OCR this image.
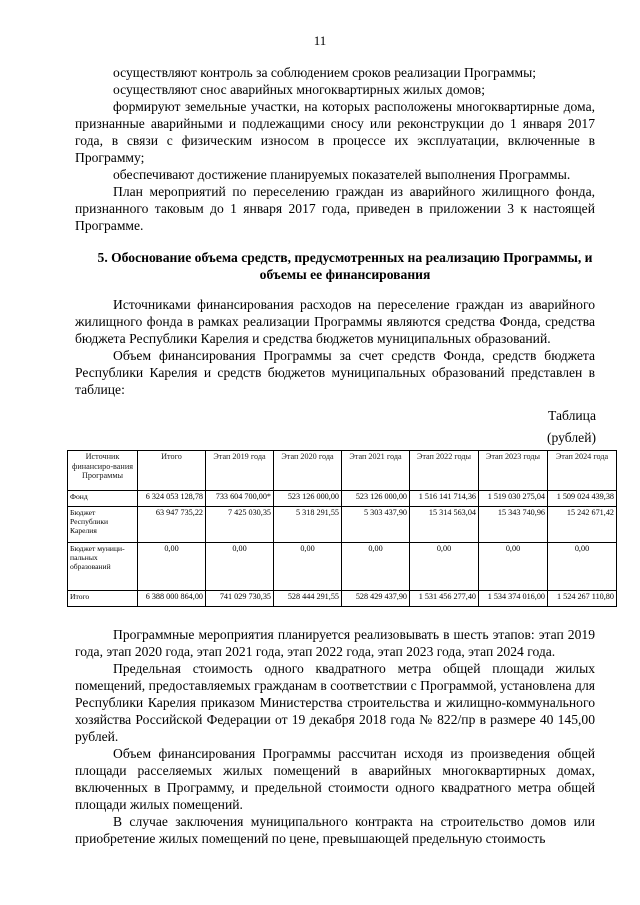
11

осуществляют контроль за соблюдением сроков реализации Программы;

осуществляют снос аварийных многоквартирных жилых домов;

формируют земельные участки, на которых расположены многоквартирные дома, признанные аварийными и подлежащими сносу или реконструкции до 1 января 2017 года, в связи с физическим износом в процессе их эксплуатации, включенные в Программу;

обеспечивают достижение планируемых показателей выполнения Программы.

План мероприятий по переселению граждан из аварийного жилищного фонда, признанного таковым до 1 января 2017 года, приведен в приложении 3 к настоящей Программе.

5. Обоснование объема средств, предусмотренных на реализацию Программы, и объемы ее финансирования

Источниками финансирования расходов на переселение граждан из аварийного жилищного фонда в рамках реализации Программы являются средства Фонда, средства бюджета Республики Карелия и средства бюджетов муниципальных образований.

Объем финансирования Программы за счет средств Фонда, средств бюджета Республики Карелия и средств бюджетов муниципальных образований представлен в таблице:

Таблица
(рублей)
Источник финансиро-вания Программы	Итого	Этап 2019 года	Этап 2020 года	Этап 2021 года	Этап 2022 годы	Этап 2023 годы	Этап 2024 года
Фонд	6 324 053 128,78	733 604 700,00*	523 126 000,00	523 126 000,00	1 516 141 714,36	1 519 030 275,04	1 509 024 439,38
Бюджет Республики Карелия	63 947 735,22	7 425 030,35	5 318 291,55	5 303 437,90	15 314 563,04	15 343 740,96	15 242 671,42
Бюджет муници-пальных образований	0,00	0,00	0,00	0,00	0,00	0,00	0,00
Итого	6 388 000 864,00	741 029 730,35	528 444 291,55	528 429 437,90	1 531 456 277,40	1 534 374 016,00	1 524 267 110,80

Программные мероприятия планируется реализовывать в шесть этапов: этап 2019 года, этап 2020 года, этап 2021 года, этап 2022 года, этап 2023 года, этап 2024 года.

Предельная стоимость одного квадратного метра общей площади жилых помещений, предоставляемых гражданам в соответствии с Программой, установлена для Республики Карелия приказом Министерства строительства и жилищно-коммунального хозяйства Российской Федерации от 19 декабря 2018 года № 822/пр в размере 40 145,00 рублей.

Объем финансирования Программы рассчитан исходя из произведения общей площади расселяемых жилых помещений в аварийных многоквартирных домах, включенных в Программу, и предельной стоимости одного квадратного метра общей площади жилых помещений.

В случае заключения муниципального контракта на строительство домов или приобретение жилых помещений по цене, превышающей предельную стоимость
